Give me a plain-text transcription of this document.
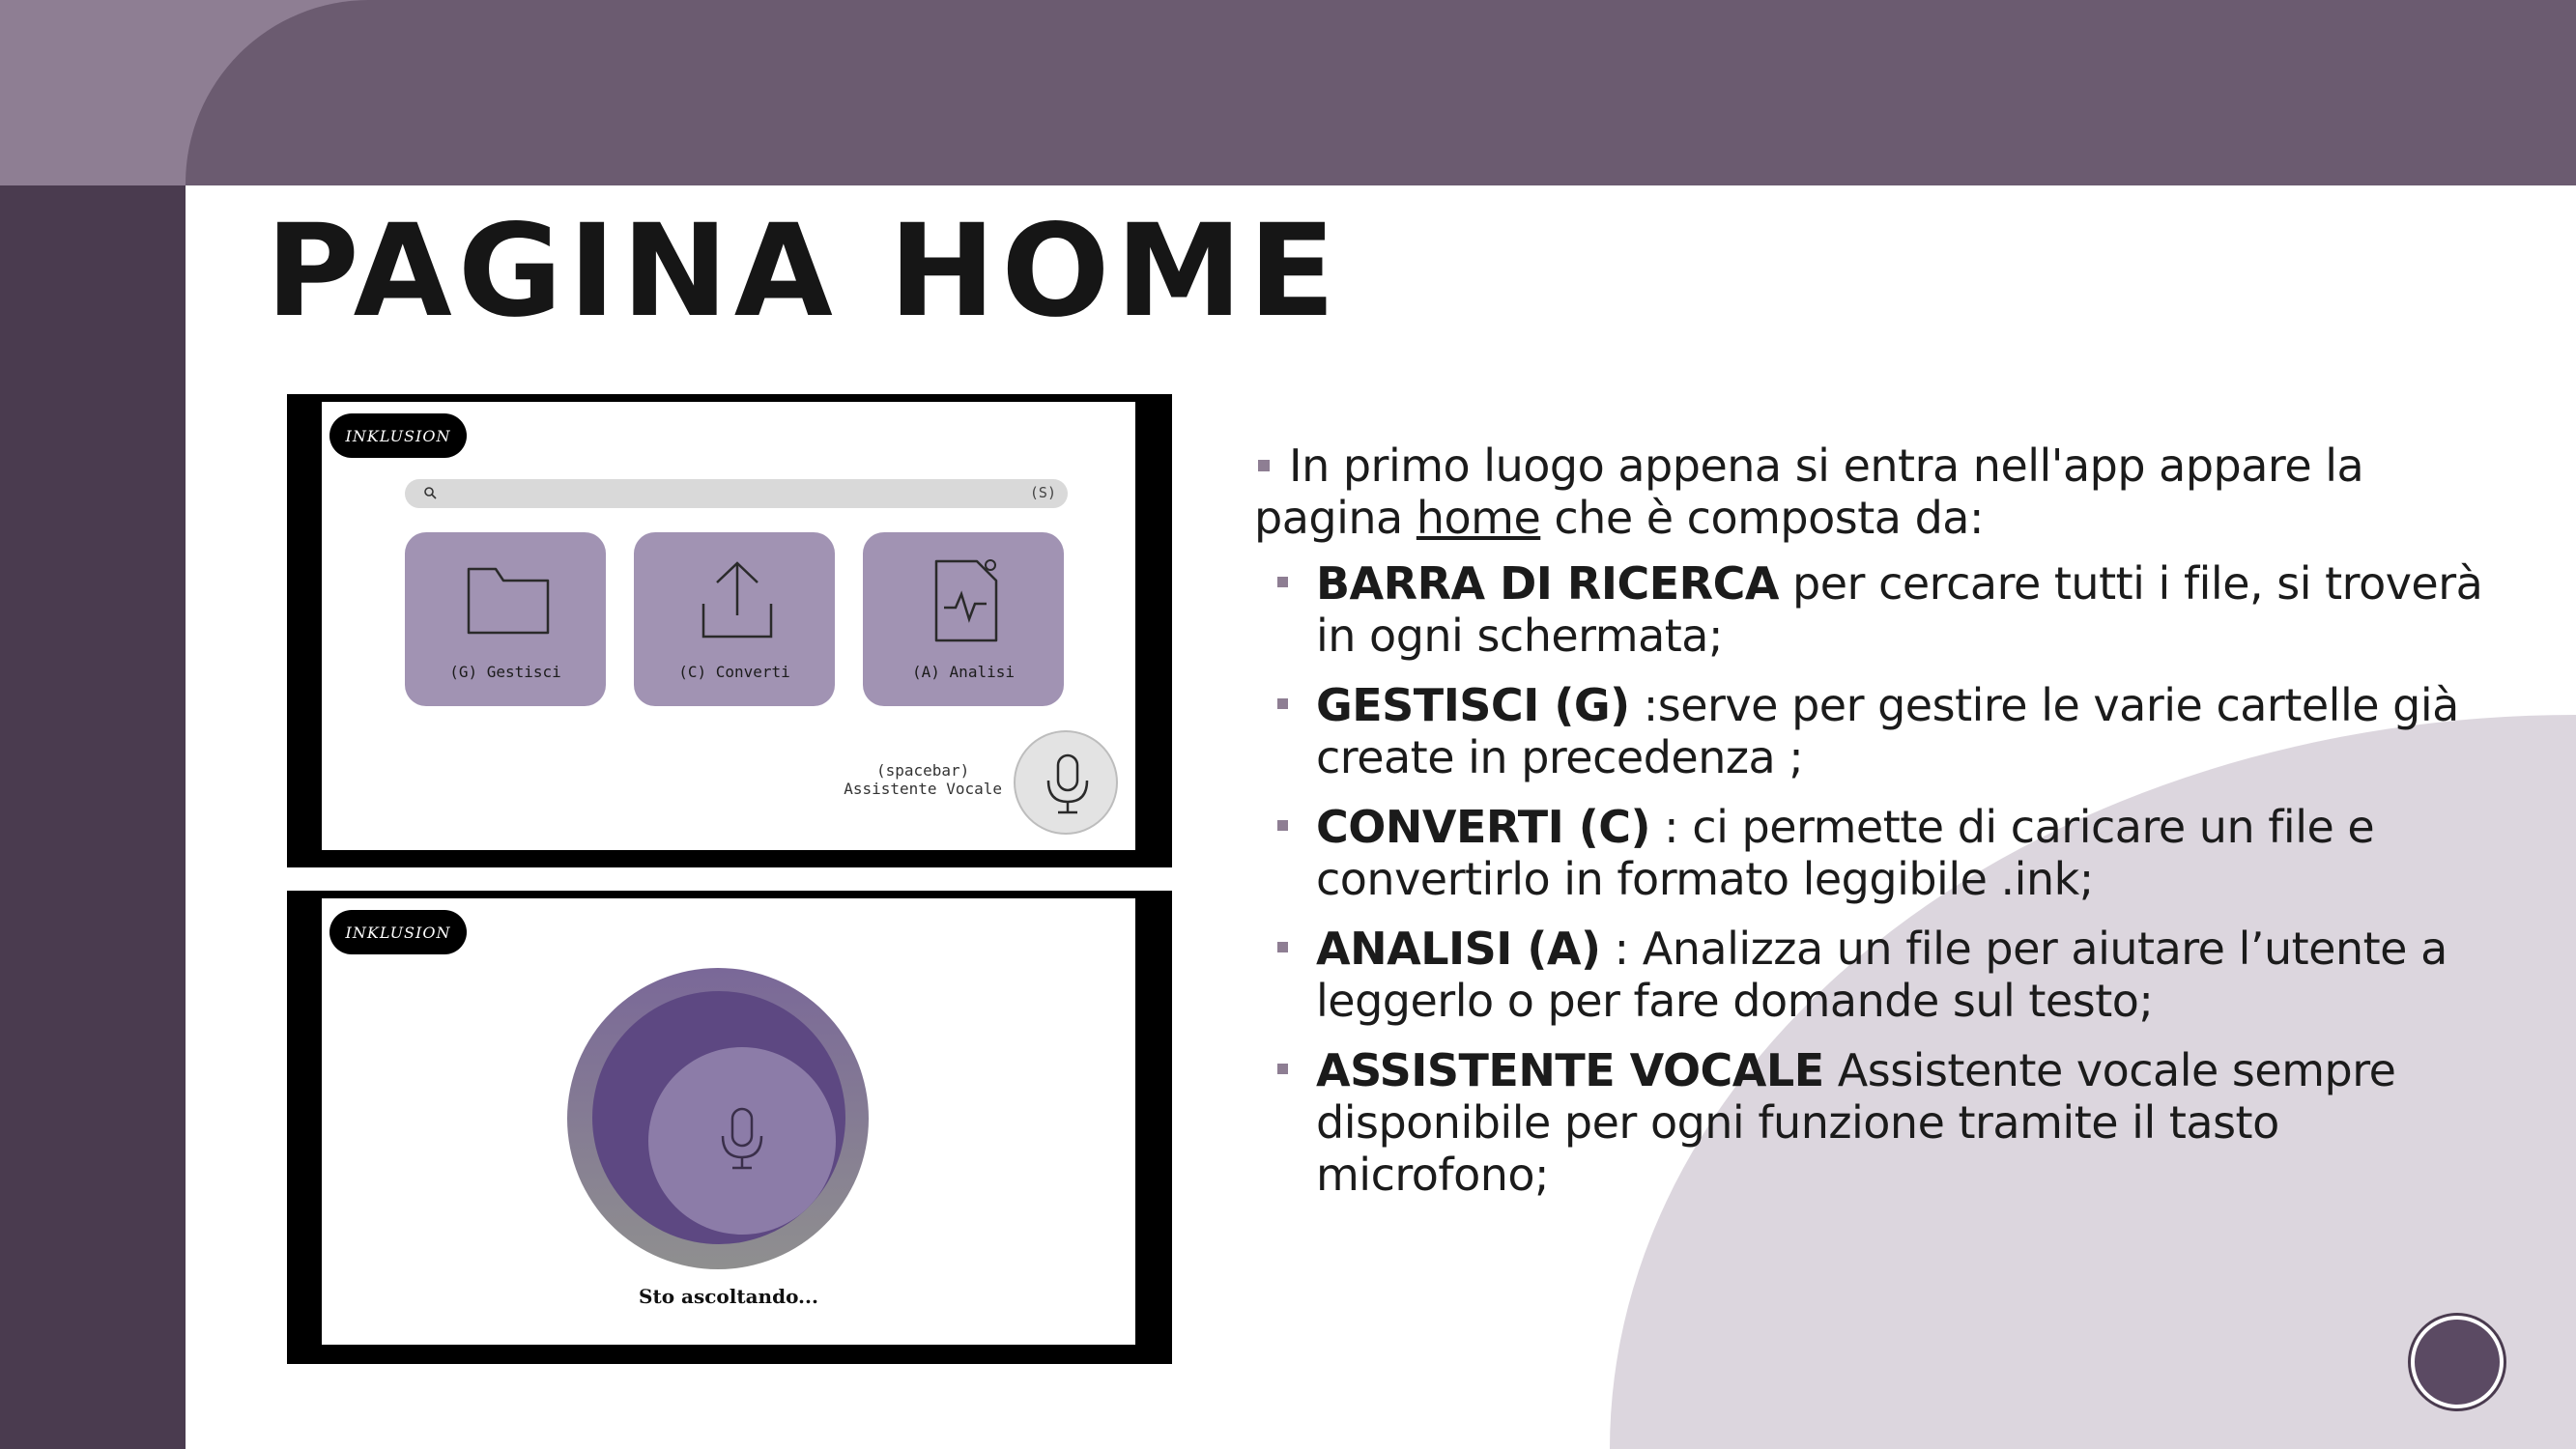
PAGINA HOME
INKLUSION
(S)
(G) Gestisci	(C) Converti	(A) Analisi
(spacebar)
Assistente Vocale
INKLUSION
Sto ascoltando...

In primo luogo appena si entra nell'app appare la pagina home che è composta da:

BARRA DI RICERCA per cercare tutti i file, si troverà in ogni schermata;
GESTISCI (G) :serve per gestire le varie cartelle già create in precedenza ;
CONVERTI (C) : ci permette di caricare un file e convertirlo in formato leggibile .ink;
ANALISI (A) : Analizza un file per aiutare l’utente a leggerlo o per fare domande sul testo;
ASSISTENTE VOCALE Assistente vocale sempre disponibile per ogni funzione tramite il tasto microfono;
